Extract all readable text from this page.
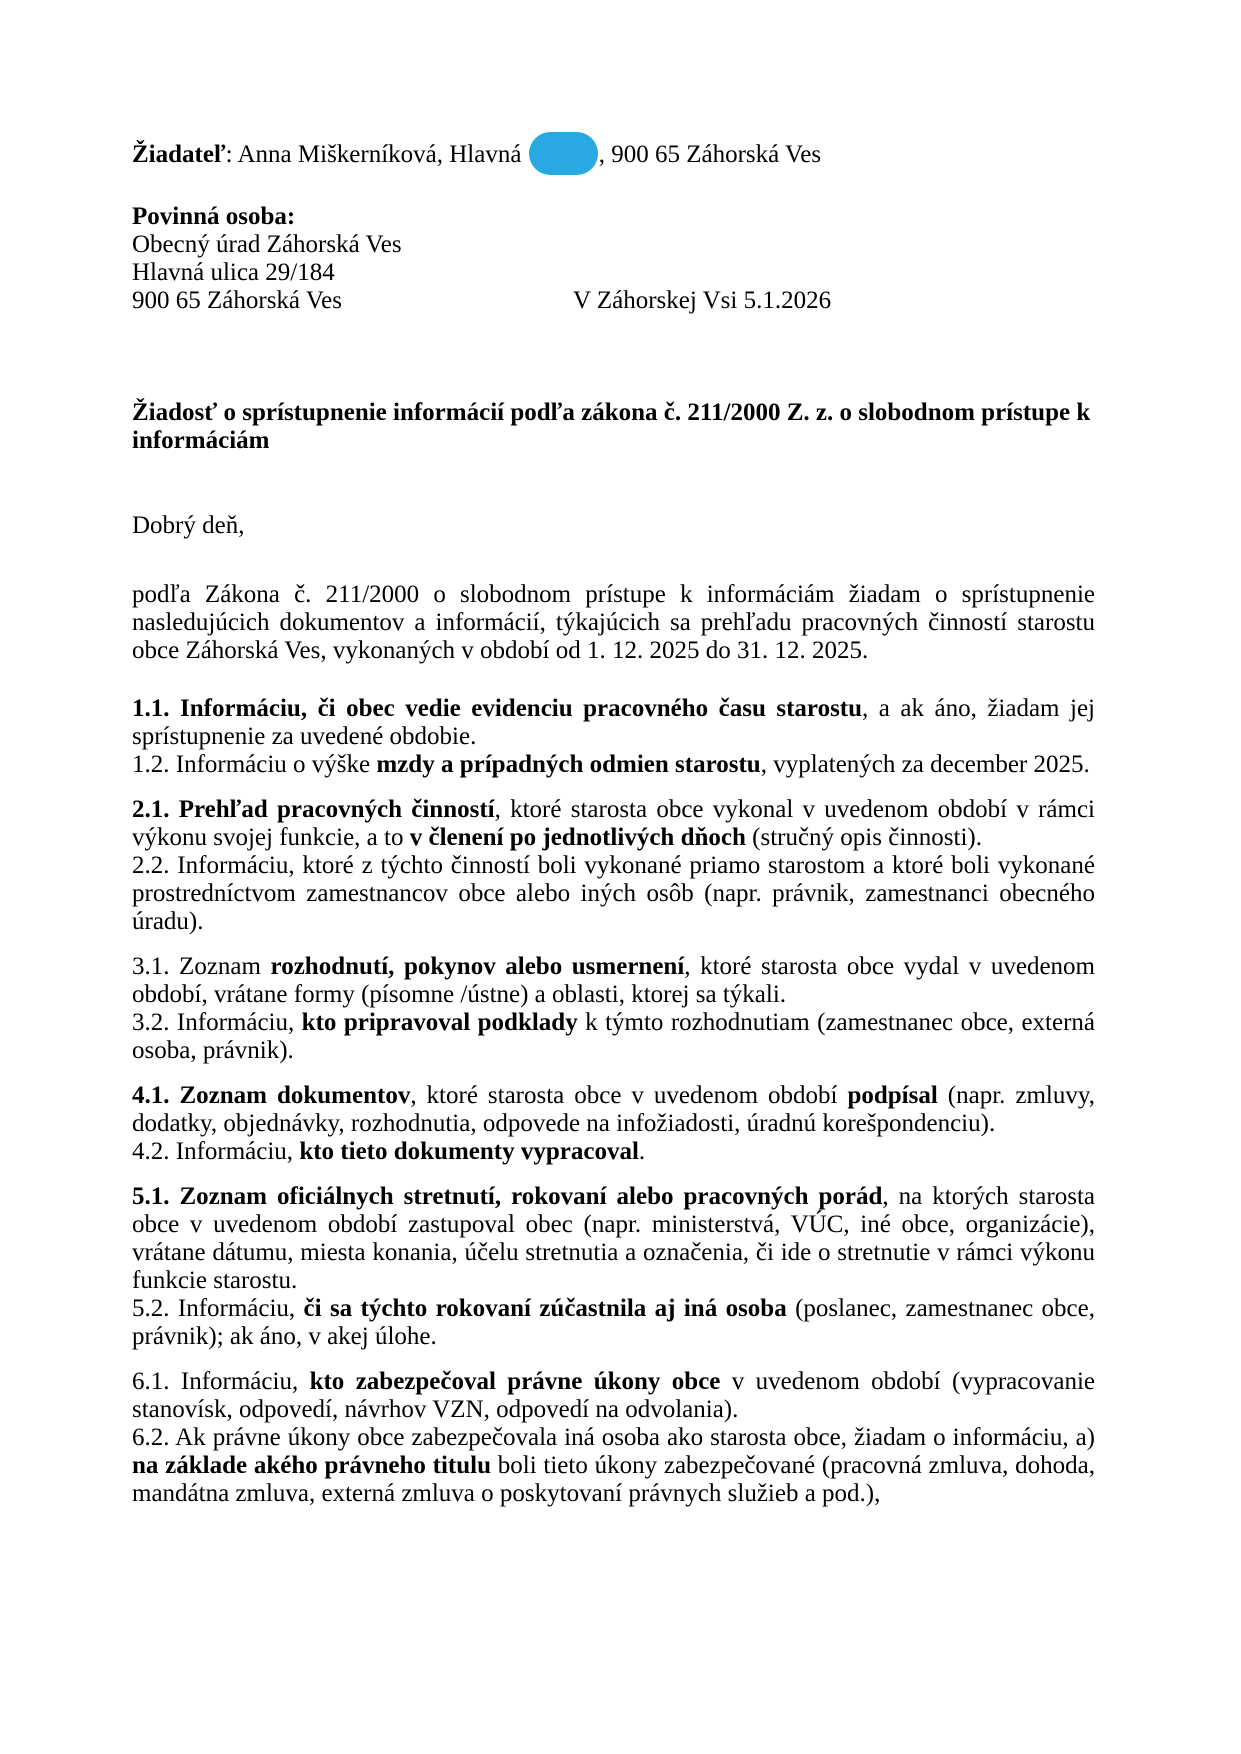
Žiadateľ: Anna Miškerníková, Hlavná	, 900 65 Záhorská Ves

Povinná osoba:

Obecný úrad Záhorská Ves

Hlavná ulica 29/184

900 65 Záhorská Ves	V Záhorskej Vsi 5.1.2026

Žiadosť o sprístupnenie informácií podľa zákona č. 211/2000 Z. z. o slobodnom prístupe k informáciám

Dobrý deň,

podľa Zákona č. 211/2000 o slobodnom prístupe k informáciám žiadam o sprístupnenie nasledujúcich dokumentov a informácií, týkajúcich sa prehľadu pracovných činností starostu obce Záhorská Ves, vykonaných v období od 1. 12. 2025 do 31. 12. 2025.

1.1. Informáciu, či obec vedie evidenciu pracovného času starostu, a ak áno, žiadam jej sprístupnenie za uvedené obdobie.

1.2. Informáciu o výške mzdy a prípadných odmien starostu, vyplatených za december 2025.

2.1. Prehľad pracovných činností, ktoré starosta obce vykonal v uvedenom období v rámci výkonu svojej funkcie, a to v členení po jednotlivých dňoch (stručný opis činnosti).

2.2. Informáciu, ktoré z týchto činností boli vykonané priamo starostom a ktoré boli vykonané prostredníctvom zamestnancov obce alebo iných osôb (napr. právnik, zamestnanci obecného úradu).

3.1. Zoznam rozhodnutí, pokynov alebo usmernení, ktoré starosta obce vydal v uvedenom období, vrátane formy (písomne /ústne) a oblasti, ktorej sa týkali.

3.2. Informáciu, kto pripravoval podklady k týmto rozhodnutiam (zamestnanec obce, externá osoba, právnik).

4.1. Zoznam dokumentov, ktoré starosta obce v uvedenom období podpísal (napr. zmluvy, dodatky, objednávky, rozhodnutia, odpovede na infožiadosti, úradnú korešpondenciu).

4.2. Informáciu, kto tieto dokumenty vypracoval.

5.1. Zoznam oficiálnych stretnutí, rokovaní alebo pracovných porád, na ktorých starosta obce v uvedenom období zastupoval obec (napr. ministerstvá, VÚC, iné obce, organizácie), vrátane dátumu, miesta konania, účelu stretnutia a označenia, či ide o stretnutie v rámci výkonu funkcie starostu.

5.2. Informáciu, či sa týchto rokovaní zúčastnila aj iná osoba (poslanec, zamestnanec obce, právnik); ak áno, v akej úlohe.

6.1. Informáciu, kto zabezpečoval právne úkony obce v uvedenom období (vypracovanie stanovísk, odpovedí, návrhov VZN, odpovedí na odvolania).

6.2. Ak právne úkony obce zabezpečovala iná osoba ako starosta obce, žiadam o informáciu, a) na základe akého právneho titulu boli tieto úkony zabezpečované (pracovná zmluva, dohoda, mandátna zmluva, externá zmluva o poskytovaní právnych služieb a pod.),
